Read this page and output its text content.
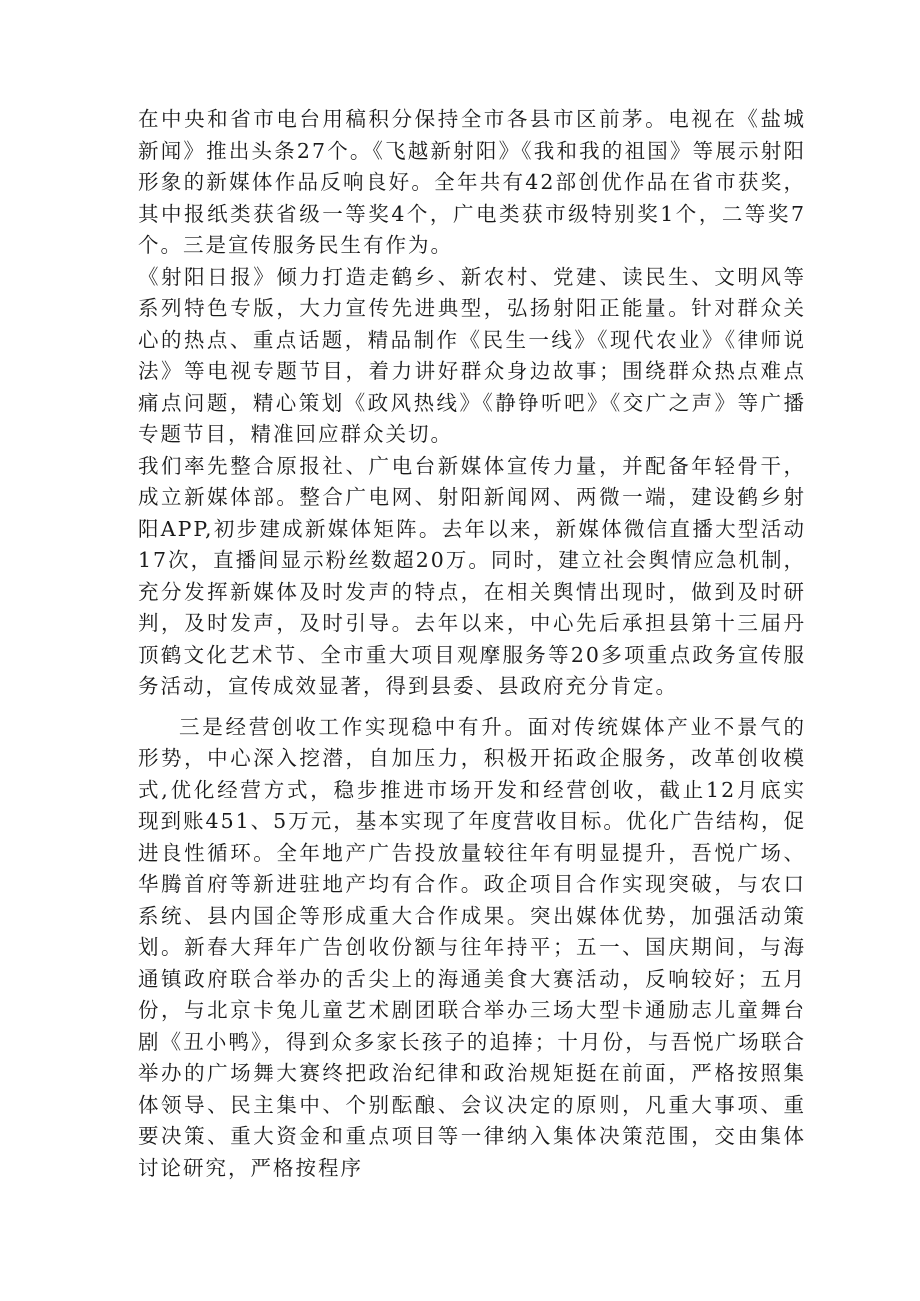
在中央和省市电台用稿积分保持全市各县市区前茅。电视在《盐城新闻》推出头条27个。《飞越新射阳》《我和我的祖国》等展示射阳形象的新媒体作品反响良好。全年共有42部创优作品在省市获奖，其中报纸类获省级一等奖4个，广电类获市级特别奖1个，二等奖7个。三是宣传服务民生有作为。

《射阳日报》倾力打造走鹤乡、新农村、党建、读民生、文明风等系列特色专版，大力宣传先进典型，弘扬射阳正能量。针对群众关心的热点、重点话题，精品制作《民生一线》《现代农业》《律师说法》等电视专题节目，着力讲好群众身边故事；围绕群众热点难点痛点问题，精心策划《政风热线》《静铮听吧》《交广之声》等广播专题节目，精准回应群众关切。

我们率先整合原报社、广电台新媒体宣传力量，并配备年轻骨干，成立新媒体部。整合广电网、射阳新闻网、两微一端，建设鹤乡射阳APP,初步建成新媒体矩阵。去年以来，新媒体微信直播大型活动17次，直播间显示粉丝数超20万。同时，建立社会舆情应急机制，充分发挥新媒体及时发声的特点，在相关舆情出现时，做到及时研判，及时发声，及时引导。去年以来，中心先后承担县第十三届丹顶鹤文化艺术节、全市重大项目观摩服务等20多项重点政务宣传服务活动，宣传成效显著，得到县委、县政府充分肯定。

三是经营创收工作实现稳中有升。面对传统媒体产业不景气的形势，中心深入挖潜，自加压力，积极开拓政企服务，改革创收模式,优化经营方式，稳步推进市场开发和经营创收，截止12月底实现到账451、5万元，基本实现了年度营收目标。优化广告结构，促进良性循环。全年地产广告投放量较往年有明显提升，吾悦广场、华腾首府等新进驻地产均有合作。政企项目合作实现突破，与农口系统、县内国企等形成重大合作成果。突出媒体优势，加强活动策划。新春大拜年广告创收份额与往年持平；五一、国庆期间，与海通镇政府联合举办的舌尖上的海通美食大赛活动，反响较好；五月份，与北京卡兔儿童艺术剧团联合举办三场大型卡通励志儿童舞台剧《丑小鸭》，得到众多家长孩子的追捧；十月份，与吾悦广场联合举办的广场舞大赛终把政治纪律和政治规矩挺在前面，严格按照集体领导、民主集中、个别酝酿、会议决定的原则，凡重大事项、重要决策、重大资金和重点项目等一律纳入集体决策范围，交由集体讨论研究，严格按程序
